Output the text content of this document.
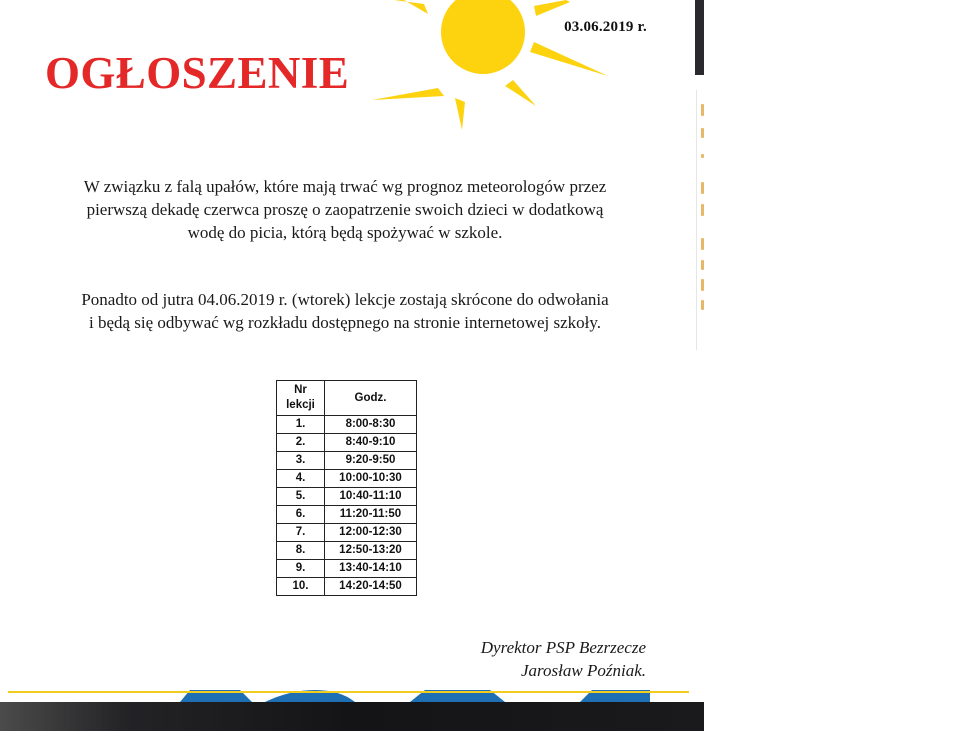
03.06.2019 r.
OGŁOSZENIE

W związku z falą upałów, które mają trwać wg prognoz meteorologów przez
pierwszą dekadę czerwca proszę o zaopatrzenie swoich dzieci w dodatkową
wodę do picia, którą będą spożywać w szkole.

Ponadto od jutra 04.06.2019 r. (wtorek) lekcje zostają skrócone do odwołania
i będą się odbywać wg rozkładu dostępnego na stronie internetowej szkoły.

Nr
lekcji	Godz.
1.	8:00-8:30
2.	8:40-9:10
3.	9:20-9:50
4.	10:00-10:30
5.	10:40-11:10
6.	11:20-11:50
7.	12:00-12:30
8.	12:50-13:20
9.	13:40-14:10
10.	14:20-14:50
Dyrektor PSP Bezrzecze
Jarosław Poźniak.
